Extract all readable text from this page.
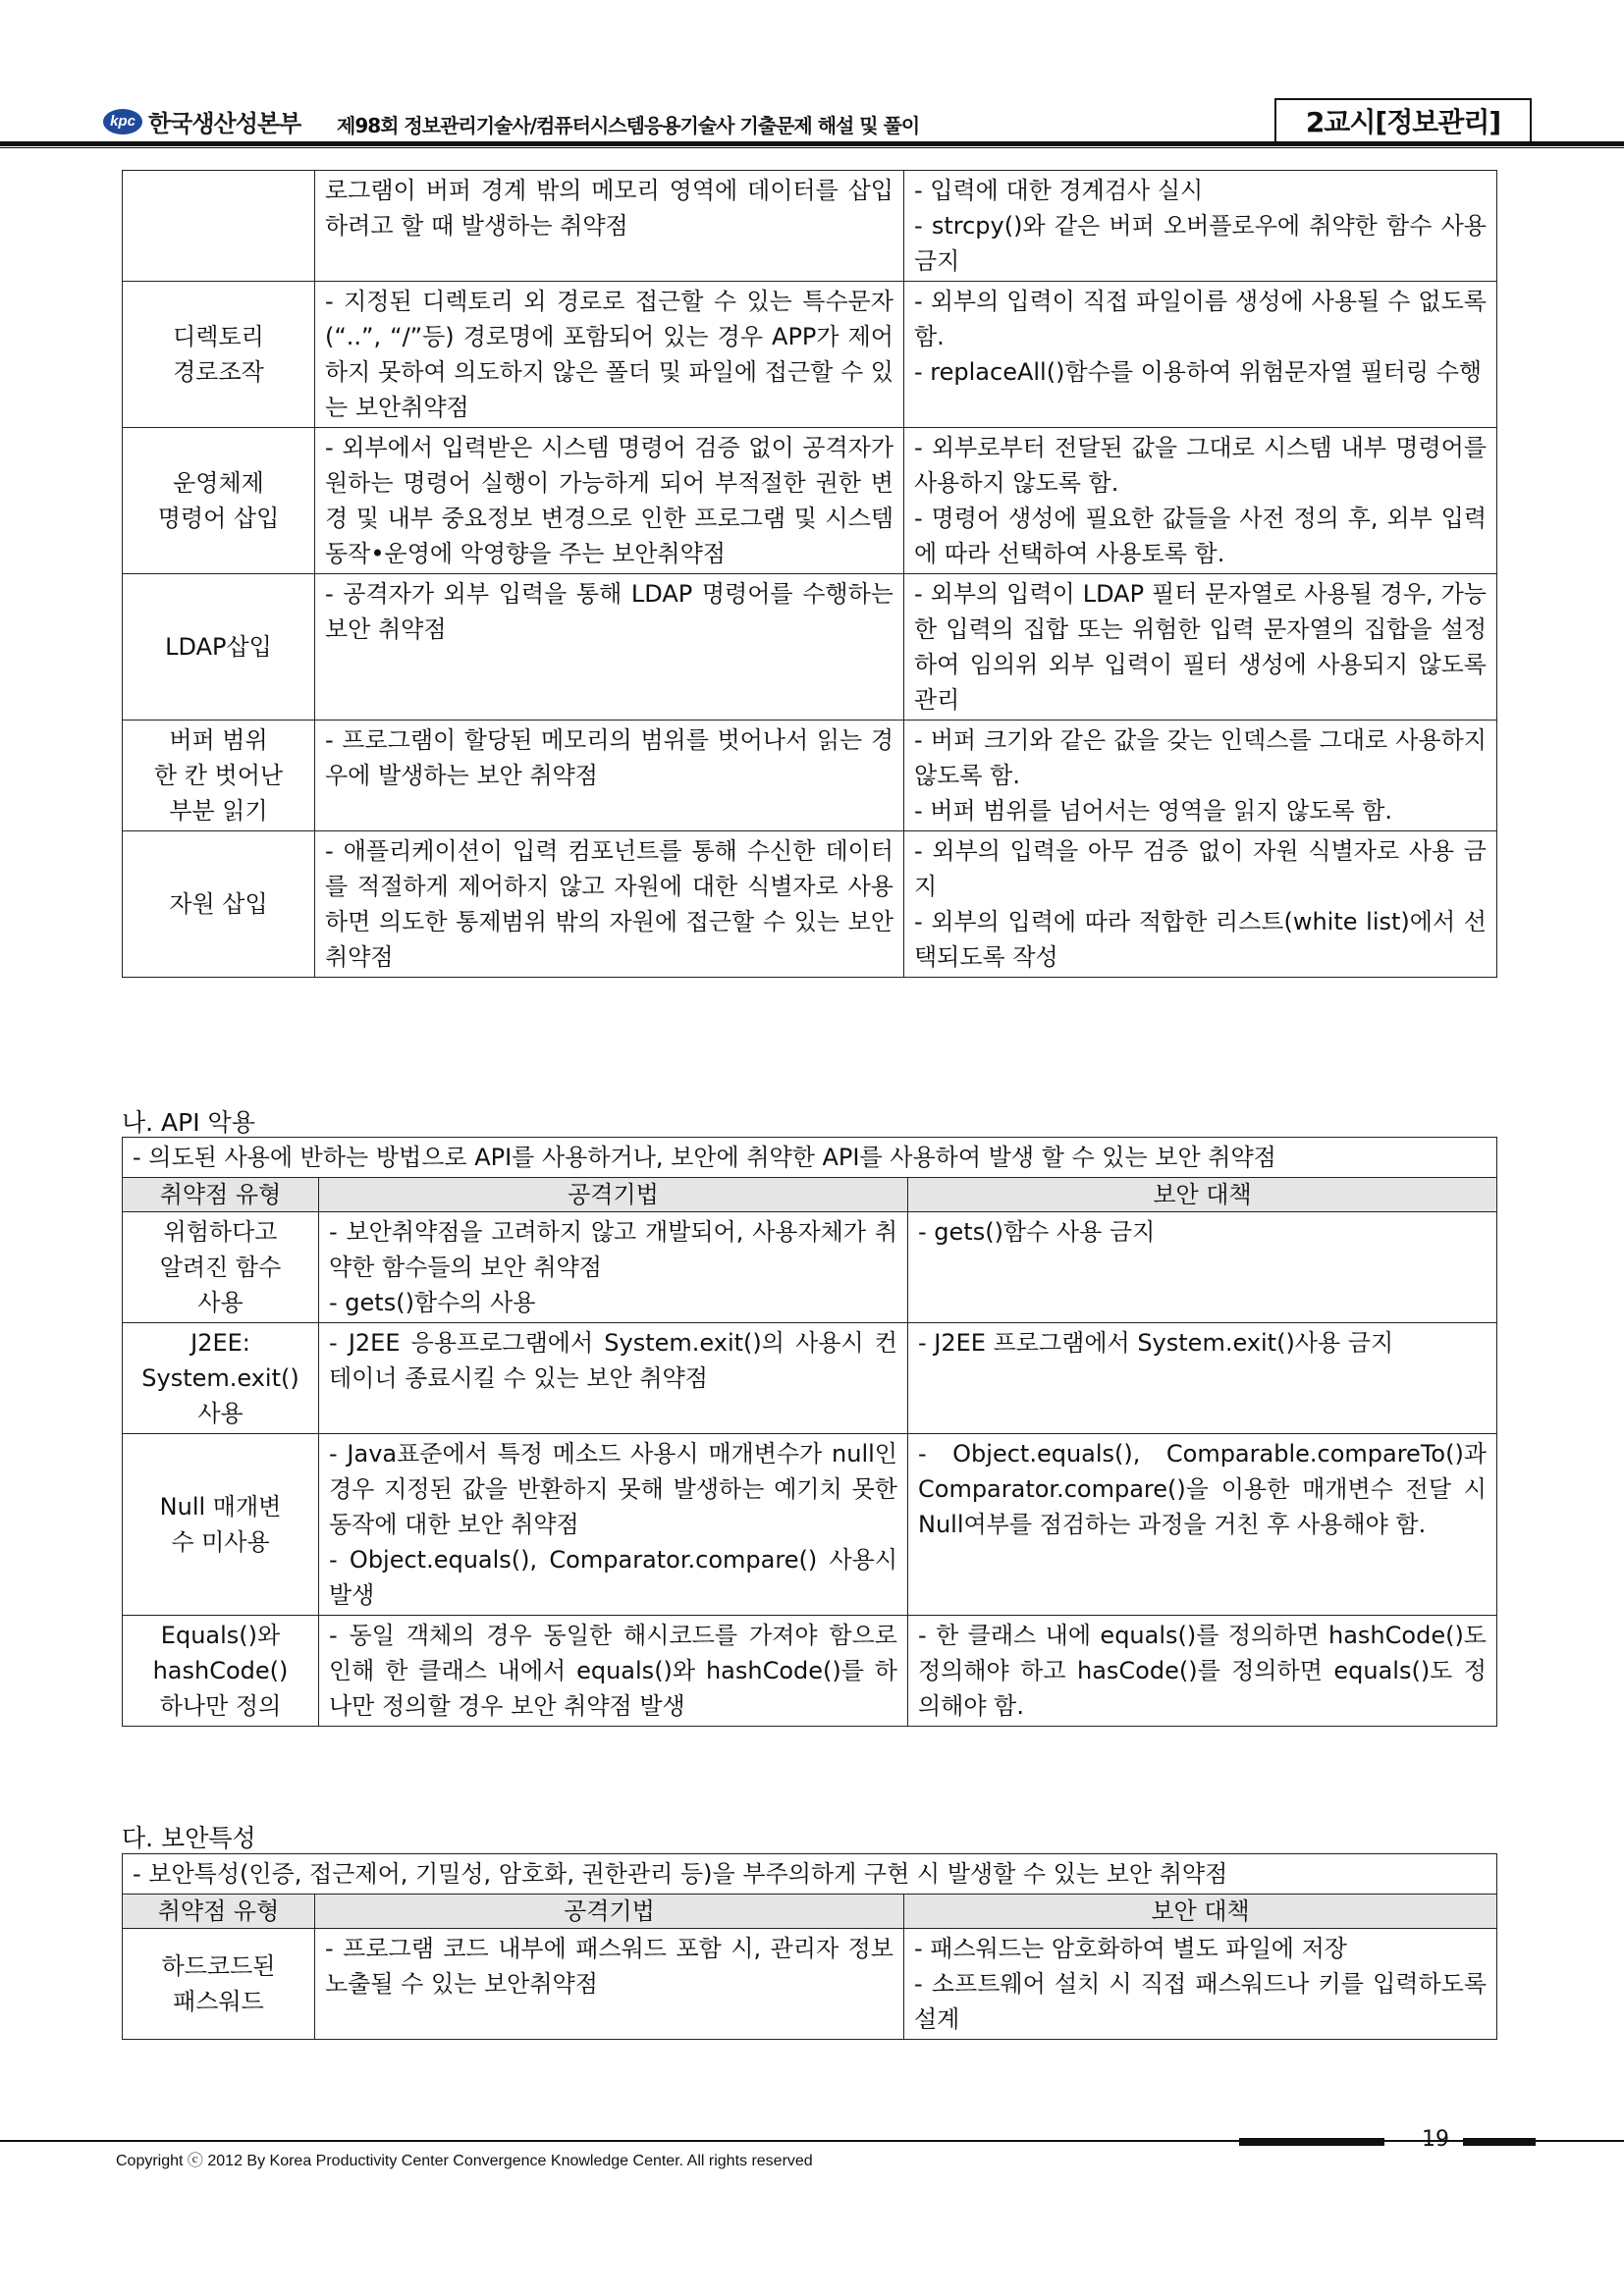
kpc 한국생산성본부 제98회 정보관리기술사/컴퓨터시스템응용기술사 기출문제 해설 및 풀이	2교시[정보관리]
	로그램이 버퍼 경계 밖의 메모리 영역에 데이터를 삽입하려고 할 때 발생하는 취약점	- 입력에 대한 경계검사 실시
- strcpy()와 같은 버퍼 오버플로우에 취약한 함수 사용 금지
디렉토리
경로조작	- 지정된 디렉토리 외 경로로 접근할 수 있는 특수문자(“..”, “/”등) 경로명에 포함되어 있는 경우 APP가 제어하지 못하여 의도하지 않은 폴더 및 파일에 접근할 수 있는 보안취약점	- 외부의 입력이 직접 파일이름 생성에 사용될 수 없도록 함.
- replaceAll()함수를 이용하여 위험문자열 필터링 수행
운영체제
명령어 삽입	- 외부에서 입력받은 시스템 명령어 검증 없이 공격자가 원하는 명령어 실행이 가능하게 되어 부적절한 권한 변경 및 내부 중요정보 변경으로 인한 프로그램 및 시스템 동작•운영에 악영향을 주는 보안취약점	- 외부로부터 전달된 값을 그대로 시스템 내부 명령어를 사용하지 않도록 함.
- 명령어 생성에 필요한 값들을 사전 정의 후, 외부 입력에 따라 선택하여 사용토록 함.
LDAP삽입	- 공격자가 외부 입력을 통해 LDAP 명령어를 수행하는 보안 취약점	- 외부의 입력이 LDAP 필터 문자열로 사용될 경우, 가능한 입력의 집합 또는 위험한 입력 문자열의 집합을 설정하여 임의위 외부 입력이 필터 생성에 사용되지 않도록 관리
버퍼 범위
한 칸 벗어난
부분 읽기	- 프로그램이 할당된 메모리의 범위를 벗어나서 읽는 경우에 발생하는 보안 취약점	- 버퍼 크기와 같은 값을 갖는 인덱스를 그대로 사용하지 않도록 함.
- 버퍼 범위를 넘어서는 영역을 읽지 않도록 함.
자원 삽입	- 애플리케이션이 입력 컴포넌트를 통해 수신한 데이터를 적절하게 제어하지 않고 자원에 대한 식별자로 사용하면 의도한 통제범위 밖의 자원에 접근할 수 있는 보안 취약점	- 외부의 입력을 아무 검증 없이 자원 식별자로 사용 금지
- 외부의 입력에 따라 적합한 리스트(white list)에서 선택되도록 작성
나. API 악용
- 의도된 사용에 반하는 방법으로 API를 사용하거나, 보안에 취약한 API를 사용하여 발생 할 수 있는 보안 취약점		
취약점 유형	공격기법	보안 대책
위험하다고
알려진 함수
사용	- 보안취약점을 고려하지 않고 개발되어, 사용자체가 취약한 함수들의 보안 취약점
- gets()함수의 사용	- gets()함수 사용 금지
J2EE:
System.exit()
사용	- J2EE 응용프로그램에서 System.exit()의 사용시 컨테이너 종료시킬 수 있는 보안 취약점	- J2EE 프로그램에서 System.exit()사용 금지
Null 매개변
수 미사용	- Java표준에서 특정 메소드 사용시 매개변수가 null인 경우 지정된 값을 반환하지 못해 발생하는 예기치 못한 동작에 대한 보안 취약점
- Object.equals(), Comparator.compare() 사용시 발생	- Object.equals(), Comparable.compareTo()과 Comparator.compare()을 이용한 매개변수 전달 시 Null여부를 점검하는 과정을 거친 후 사용해야 함.
Equals()와
hashCode()
하나만 정의	- 동일 객체의 경우 동일한 해시코드를 가져야 함으로 인해 한 클래스 내에서 equals()와 hashCode()를 하나만 정의할 경우 보안 취약점 발생	- 한 클래스 내에 equals()를 정의하면 hashCode()도 정의해야 하고 hasCode()를 정의하면 equals()도 정의해야 함.
다. 보안특성
- 보안특성(인증, 접근제어, 기밀성, 암호화, 권한관리 등)을 부주의하게 구현 시 발생할 수 있는 보안 취약점		
취약점 유형	공격기법	보안 대책
하드코드된
패스워드	- 프로그램 코드 내부에 패스워드 포함 시, 관리자 정보 노출될 수 있는 보안취약점	- 패스워드는 암호화하여 별도 파일에 저장
- 소프트웨어 설치 시 직접 패스워드나 키를 입력하도록 설계
19
Copyright ⓒ 2012 By Korea Productivity Center Convergence Knowledge Center. All rights reserved
